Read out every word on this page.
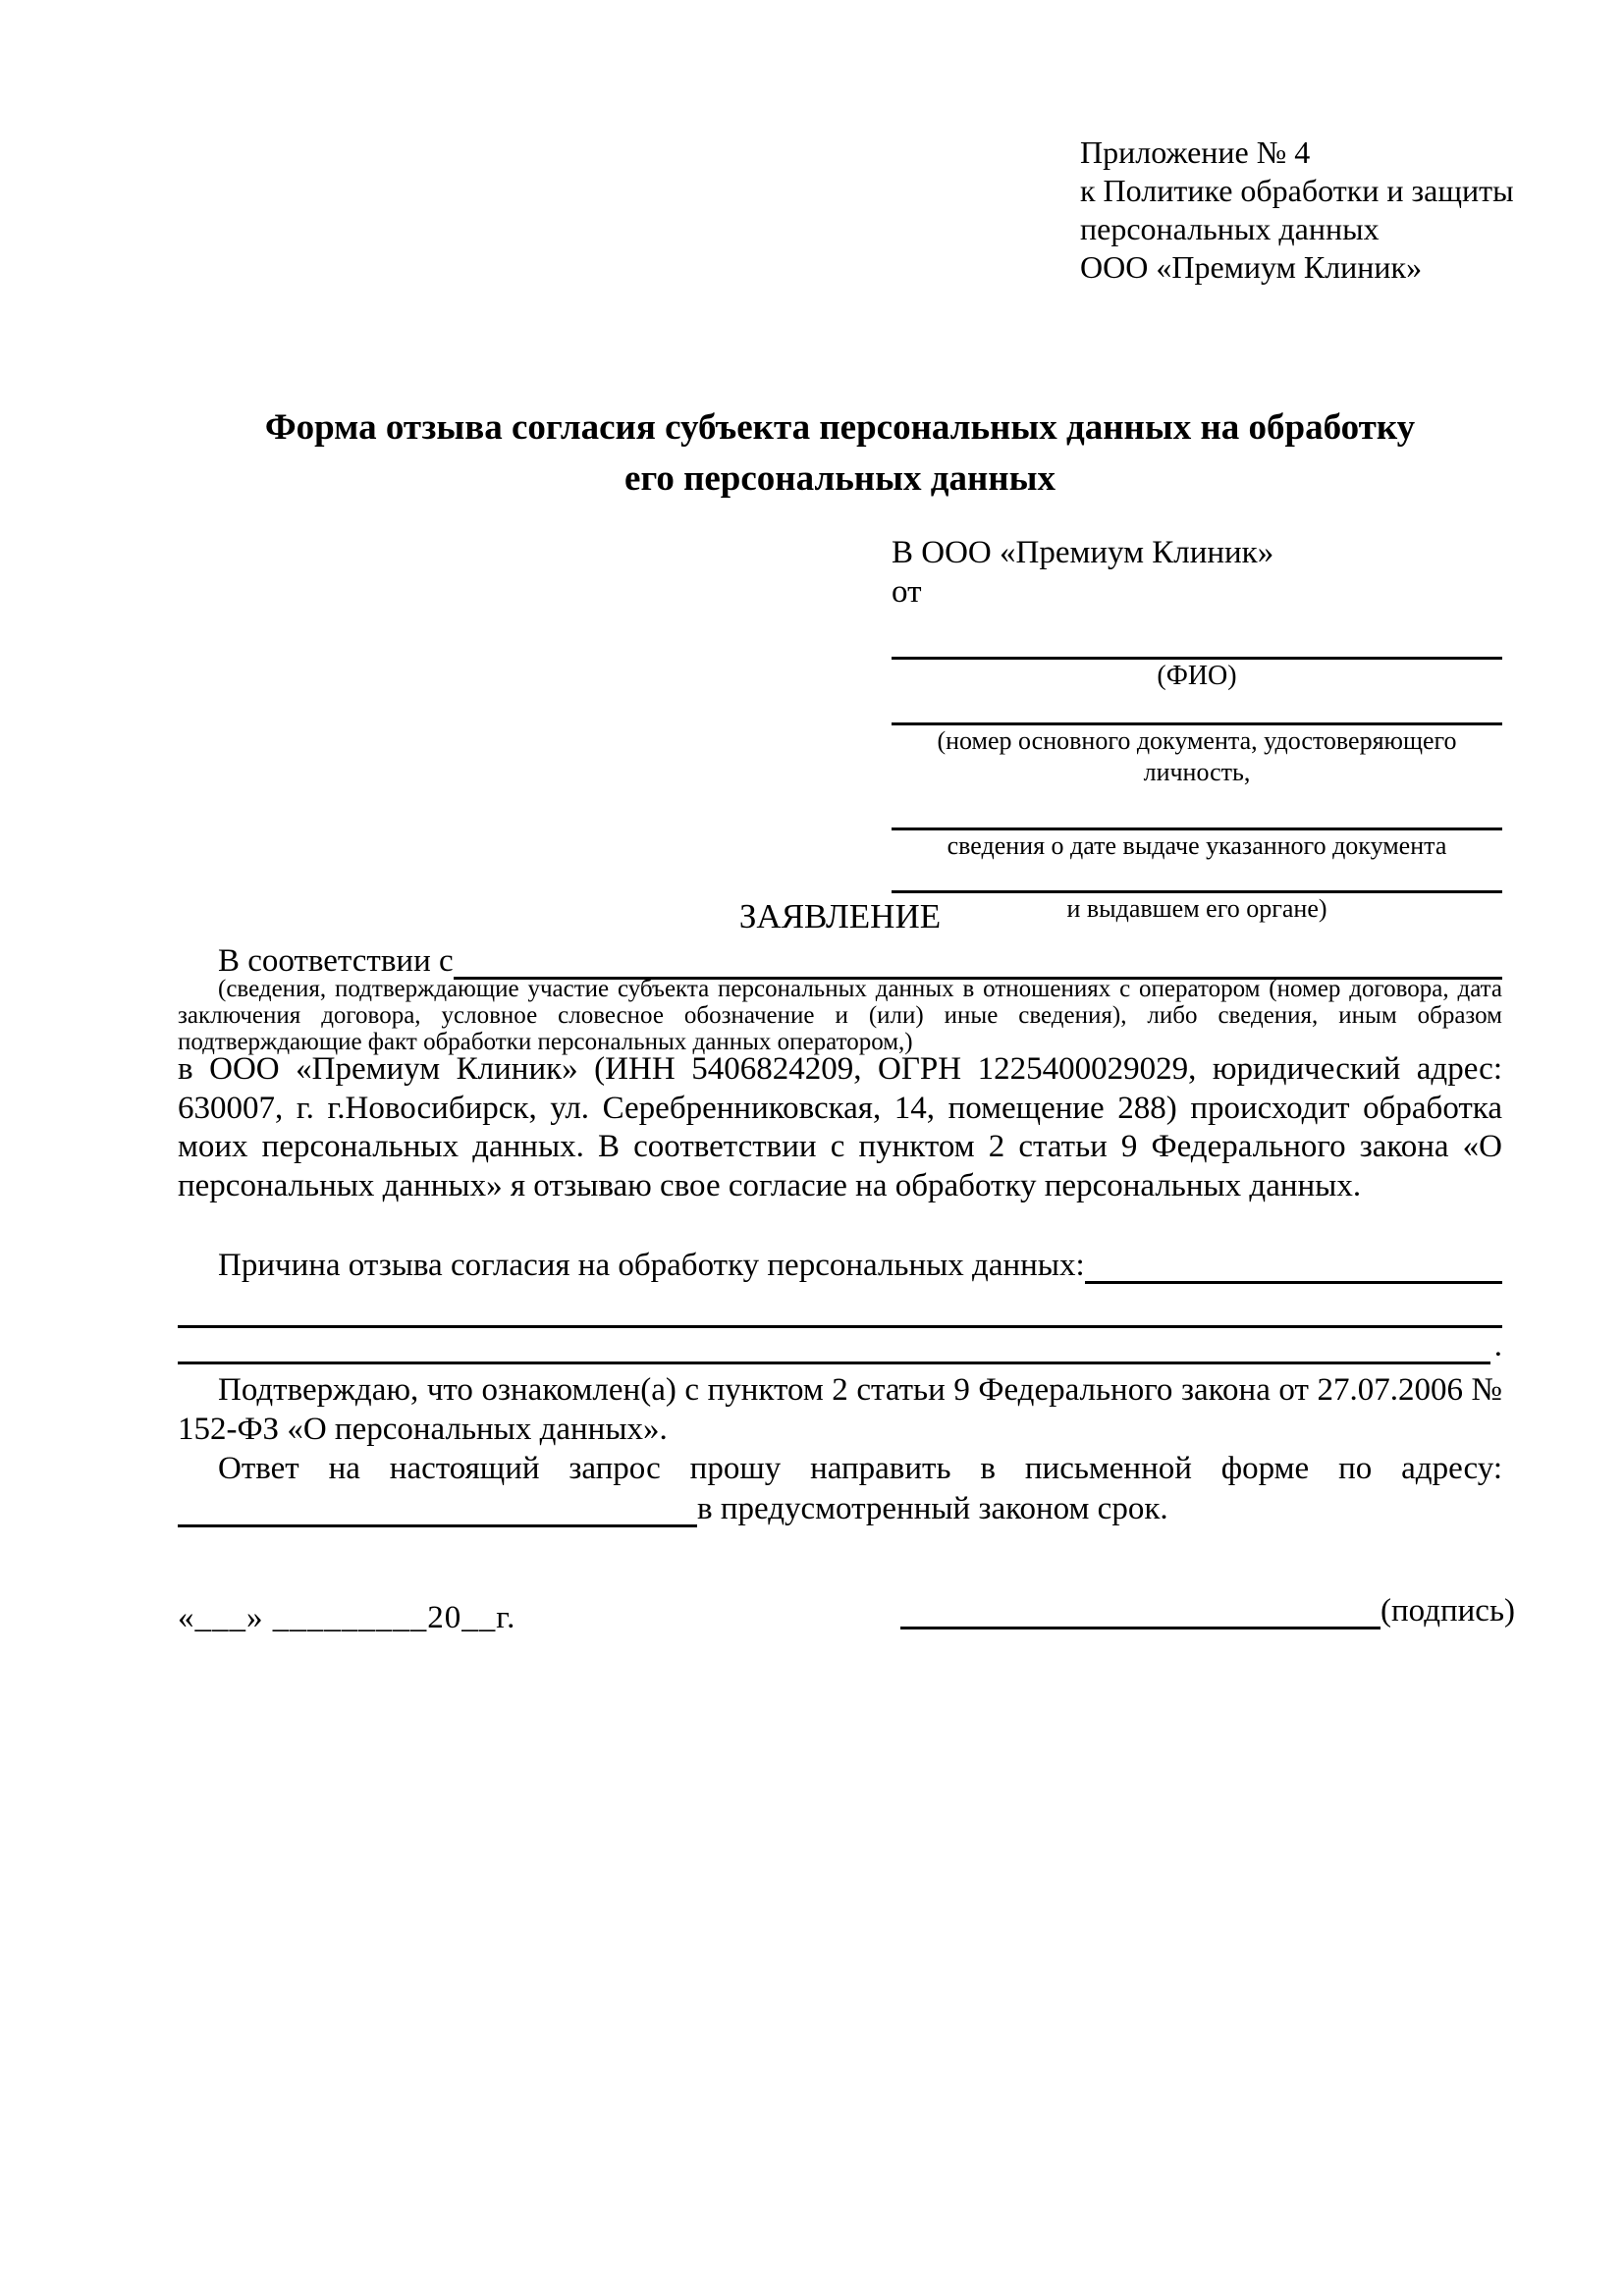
Приложение № 4
к Политике обработки и защиты
персональных данных
ООО «Премиум Клиник»
Форма отзыва согласия субъекта персональных данных на обработку
его персональных данных
В ООО «Премиум Клиник»
от
(ФИО)
(номер основного документа, удостоверяющего личность,
сведения о дате выдаче указанного документа
и выдавшем его органе)
ЗАЯВЛЕНИЕ
В соответствии с
(сведения, подтверждающие участие субъекта персональных данных в отношениях с оператором (номер договора, дата заключения договора, условное словесное обозначение и (или) иные сведения), либо сведения, иным образом подтверждающие факт обработки персональных данных оператором,)
в ООО «Премиум Клиник» (ИНН 5406824209, ОГРН 1225400029029, юридический адрес: 630007, г. г.Новосибирск, ул. Серебренниковская, 14, помещение 288) происходит обработка моих персональных данных. В соответствии с пунктом 2 статьи 9 Федерального закона «О персональных данных» я отзываю свое согласие на обработку персональных данных.
Причина отзыва согласия на обработку персональных данных:
.
Подтверждаю, что ознакомлен(а) с пунктом 2 статьи 9 Федерального закона от 27.07.2006 № 152-ФЗ «О персональных данных».
Ответ на настоящий запрос прошу направить в письменной форме по адресу:
в предусмотренный законом срок.
«___» _________20__г.	(подпись)
